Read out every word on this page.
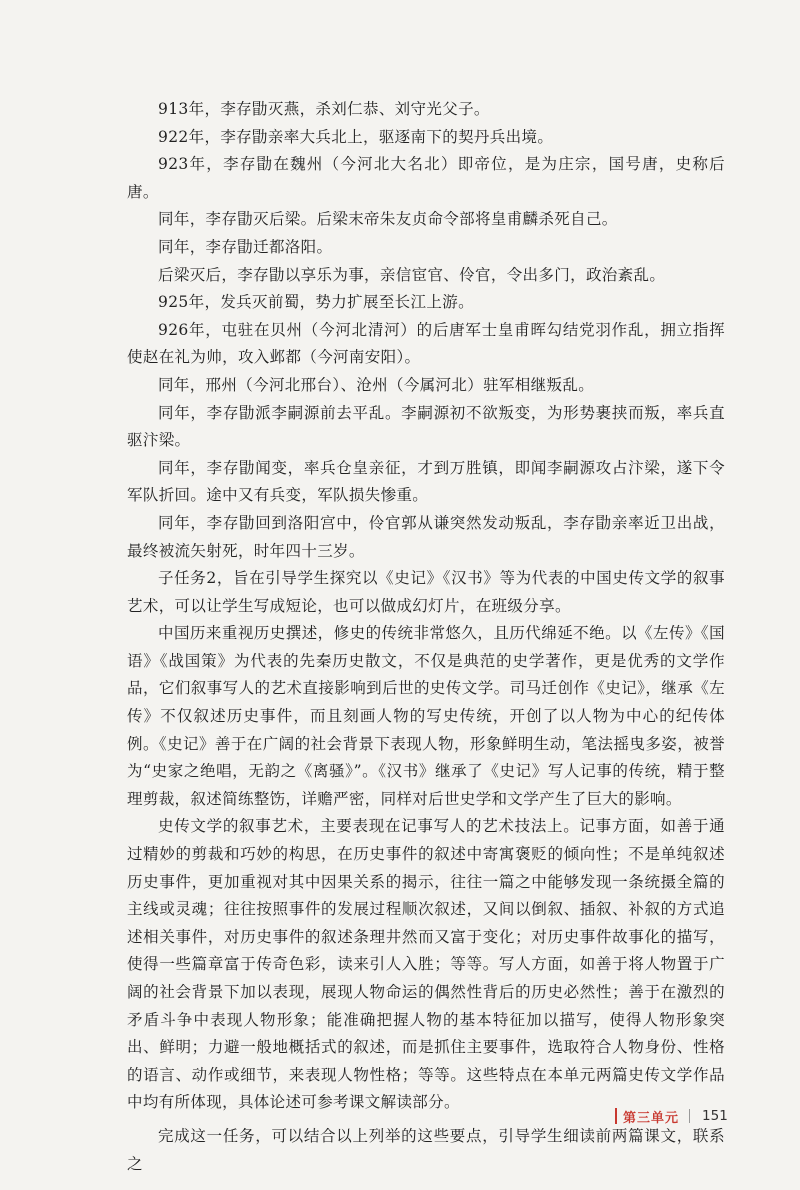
913年，李存勖灭燕，杀刘仁恭、刘守光父子。

922年，李存勖亲率大兵北上，驱逐南下的契丹兵出境。

923年，李存勖在魏州（今河北大名北）即帝位，是为庄宗，国号唐，史称后唐。

同年，李存勖灭后梁。后梁末帝朱友贞命令部将皇甫麟杀死自己。

同年，李存勖迁都洛阳。

后梁灭后，李存勖以享乐为事，亲信宦官、伶官，令出多门，政治紊乱。

925年，发兵灭前蜀，势力扩展至长江上游。

926年，屯驻在贝州（今河北清河）的后唐军士皇甫晖勾结党羽作乱，拥立指挥使赵在礼为帅，攻入邺都（今河南安阳）。

同年，邢州（今河北邢台）、沧州（今属河北）驻军相继叛乱。

同年，李存勖派李嗣源前去平乱。李嗣源初不欲叛变，为形势裹挟而叛，率兵直驱汴梁。

同年，李存勖闻变，率兵仓皇亲征，才到万胜镇，即闻李嗣源攻占汴梁，遂下令军队折回。途中又有兵变，军队损失惨重。

同年，李存勖回到洛阳宫中，伶官郭从谦突然发动叛乱，李存勖亲率近卫出战，最终被流矢射死，时年四十三岁。

子任务2，旨在引导学生探究以《史记》《汉书》等为代表的中国史传文学的叙事艺术，可以让学生写成短论，也可以做成幻灯片，在班级分享。

中国历来重视历史撰述，修史的传统非常悠久，且历代绵延不绝。以《左传》《国语》《战国策》为代表的先秦历史散文，不仅是典范的史学著作，更是优秀的文学作品，它们叙事写人的艺术直接影响到后世的史传文学。司马迁创作《史记》，继承《左传》不仅叙述历史事件，而且刻画人物的写史传统，开创了以人物为中心的纪传体例。《史记》善于在广阔的社会背景下表现人物，形象鲜明生动，笔法摇曳多姿，被誉为“史家之绝唱，无韵之《离骚》”。《汉书》继承了《史记》写人记事的传统，精于整理剪裁，叙述简练整饬，详赡严密，同样对后世史学和文学产生了巨大的影响。

史传文学的叙事艺术，主要表现在记事写人的艺术技法上。记事方面，如善于通过精妙的剪裁和巧妙的构思，在历史事件的叙述中寄寓褒贬的倾向性；不是单纯叙述历史事件，更加重视对其中因果关系的揭示，往往一篇之中能够发现一条统摄全篇的主线或灵魂；往往按照事件的发展过程顺次叙述，又间以倒叙、插叙、补叙的方式追述相关事件，对历史事件的叙述条理井然而又富于变化；对历史事件故事化的描写，使得一些篇章富于传奇色彩，读来引人入胜；等等。写人方面，如善于将人物置于广阔的社会背景下加以表现，展现人物命运的偶然性背后的历史必然性；善于在激烈的矛盾斗争中表现人物形象；能准确把握人物的基本特征加以描写，使得人物形象突出、鲜明；力避一般地概括式的叙述，而是抓住主要事件，选取符合人物身份、性格的语言、动作或细节，来表现人物性格；等等。这些特点在本单元两篇史传文学作品中均有所体现，具体论述可参考课文解读部分。

完成这一任务，可以结合以上列举的这些要点，引导学生细读前两篇课文，联系之

第三单元 151
